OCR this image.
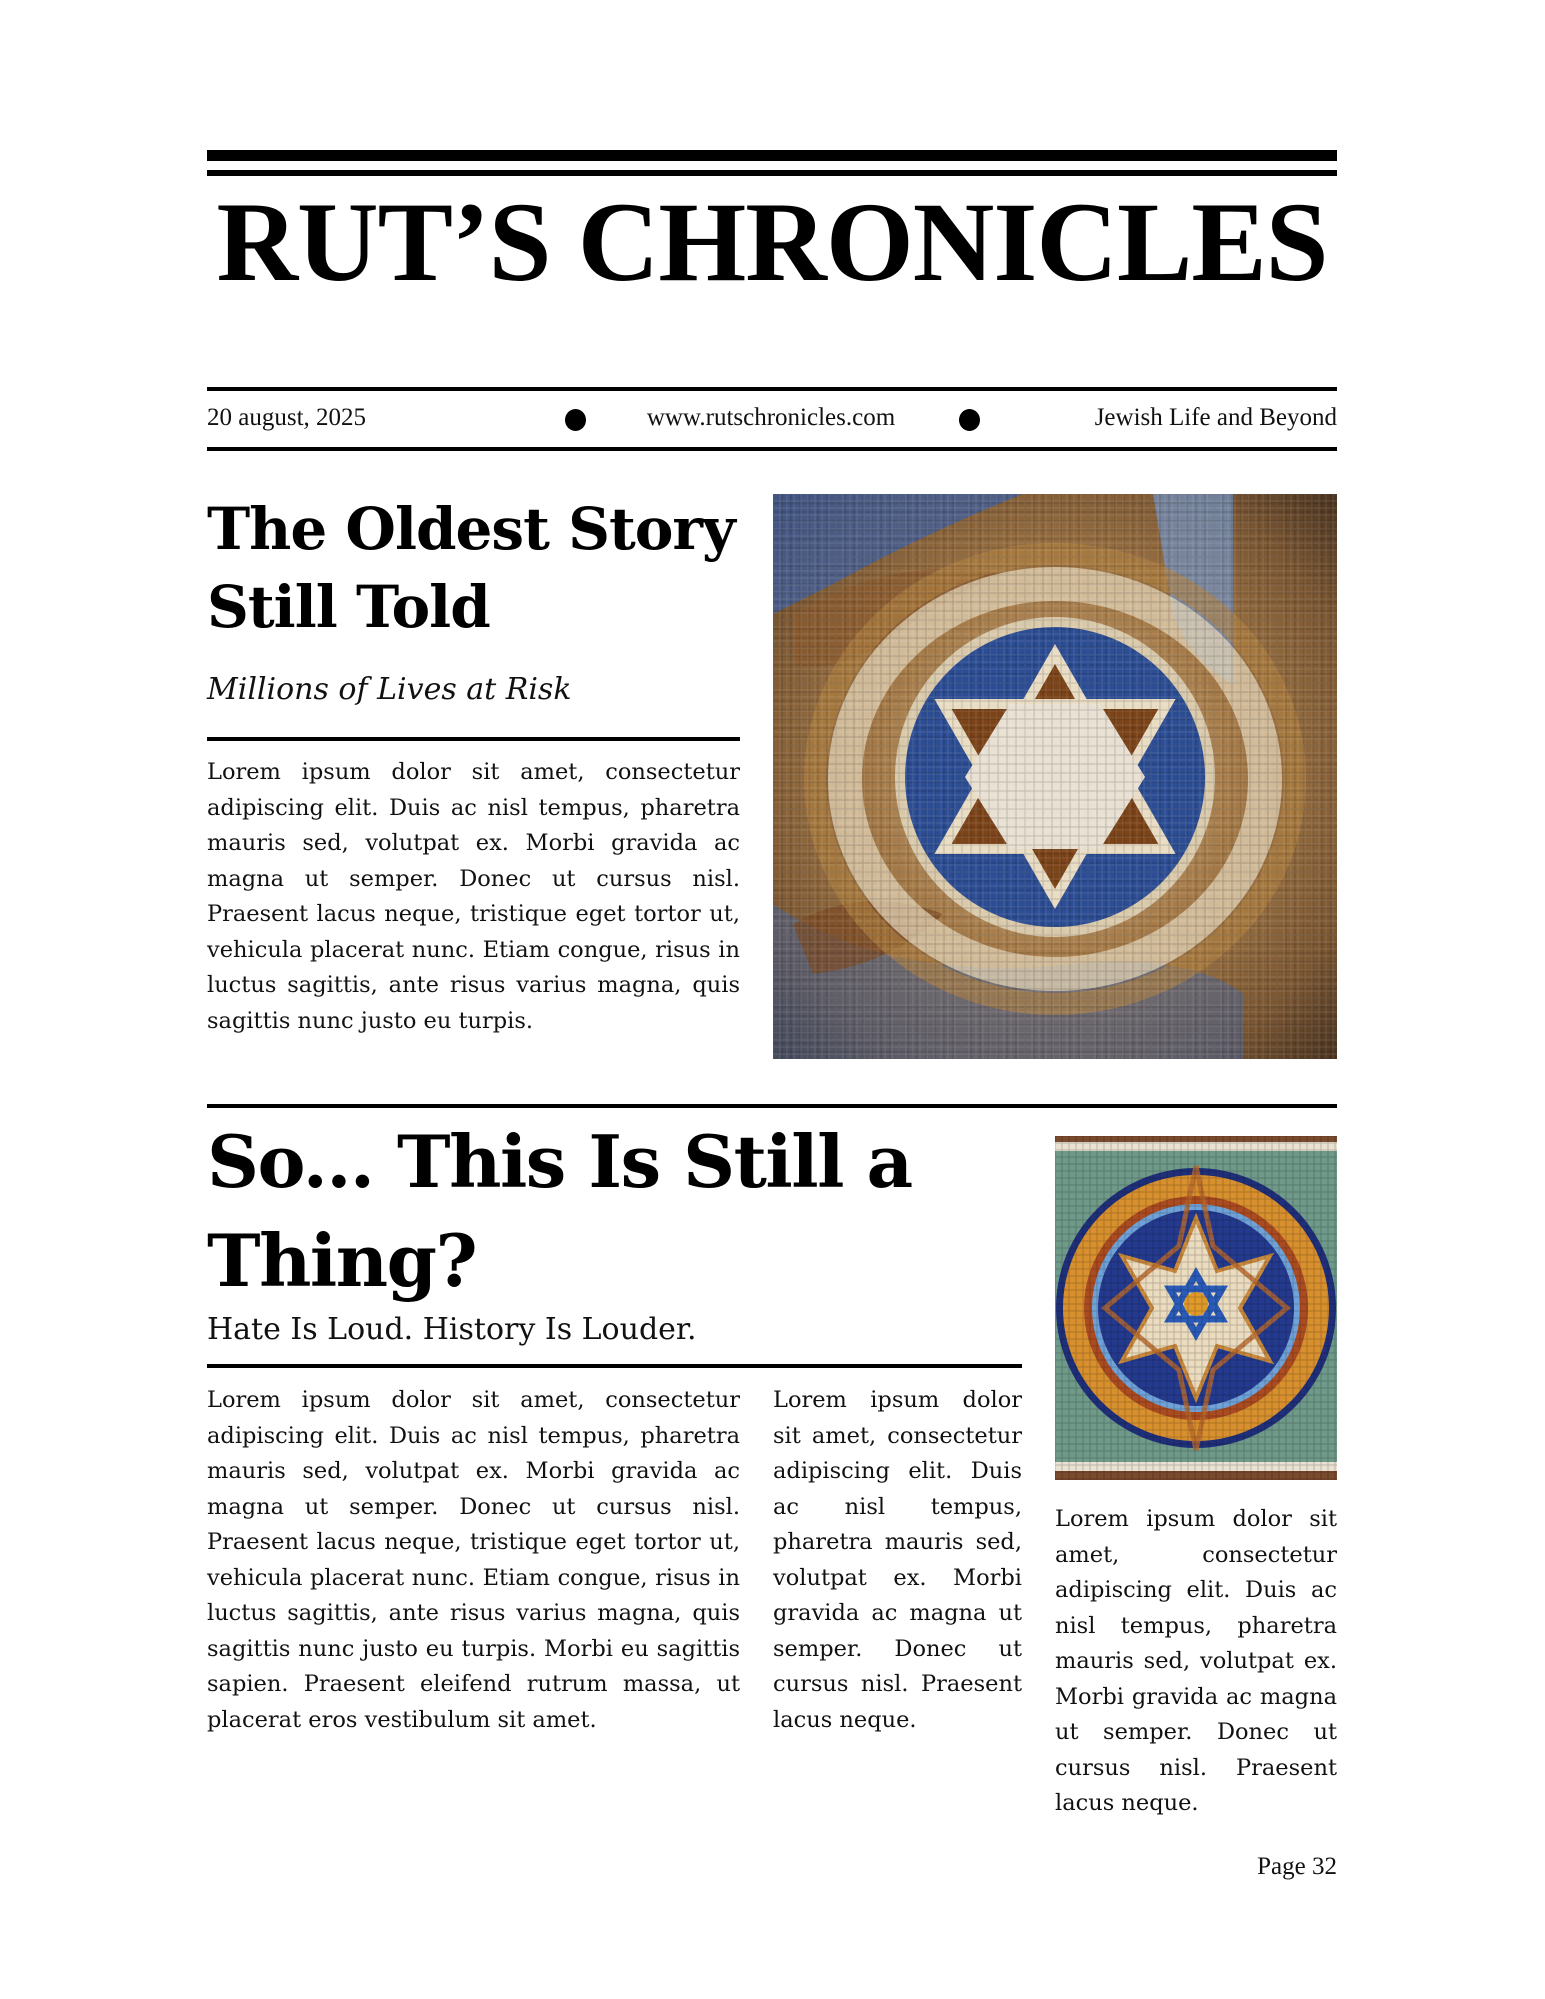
RUT’S CHRONICLES
20 august, 2025	www.rutschronicles.com	Jewish Life and Beyond
The Oldest Story Still Told
Millions of Lives at Risk

Lorem ipsum dolor sit amet, consectetur adipiscing elit. Duis ac nisl tempus, pharetra mauris sed, volutpat ex. Morbi gravida ac magna ut semper. Donec ut cursus nisl. Praesent lacus neque, tristique eget tortor ut, vehicula placerat nunc. Etiam congue, risus in luctus sagittis, ante risus varius magna, quis sagittis nunc justo eu turpis.

So... This Is Still a Thing?
Hate Is Loud. History Is Louder.

Lorem ipsum dolor sit amet, consectetur adipiscing elit. Duis ac nisl tempus, pharetra mauris sed, volutpat ex. Morbi gravida ac magna ut semper. Donec ut cursus nisl. Praesent lacus neque, tristique eget tortor ut, vehicula placerat nunc. Etiam congue, risus in luctus sagittis, ante risus varius magna, quis sagittis nunc justo eu turpis. Morbi eu sagittis sapien. Praesent eleifend rutrum massa, ut placerat eros vestibulum sit amet.

Lorem ipsum dolor sit amet, consectetur adipiscing elit. Duis ac nisl tempus, pharetra mauris sed, volutpat ex. Morbi gravida ac magna ut semper. Donec ut cursus nisl. Praesent lacus neque.

Lorem ipsum dolor sit amet, consectetur adipiscing elit. Duis ac nisl tempus, pharetra mauris sed, volutpat ex. Morbi gravida ac magna ut semper. Donec ut cursus nisl. Praesent lacus neque.

Page 32
